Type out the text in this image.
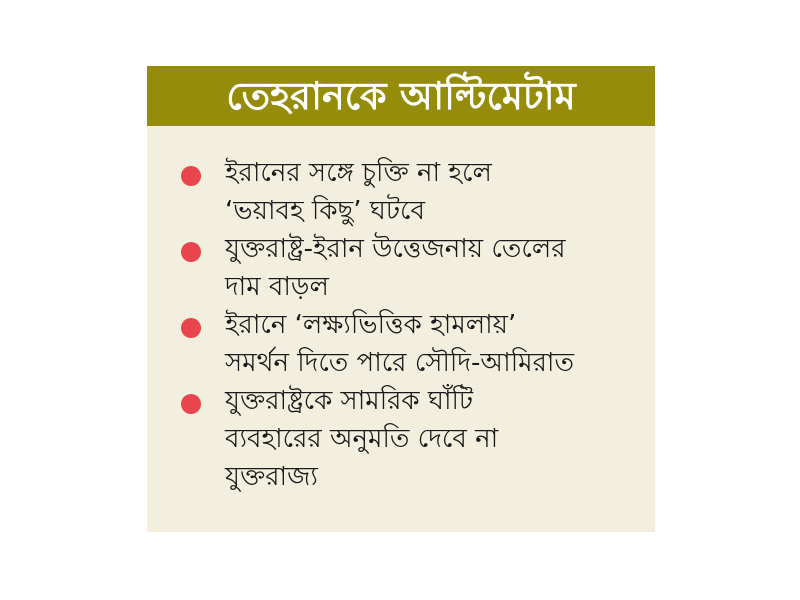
তেহরানকে আল্টিমেটাম
ইরানের সঙ্গে চুক্তি না হলে
‘ভয়াবহ কিছু’ ঘটবে
যুক্তরাষ্ট্র-ইরান উত্তেজনায় তেলের
দাম বাড়ল
ইরানে ‘লক্ষ্যভিত্তিক হামলায়’
সমর্থন দিতে পারে সৌদি-আমিরাত
যুক্তরাষ্ট্রকে সামরিক ঘাঁটি
ব্যবহারের অনুমতি দেবে না
যুক্তরাজ্য
